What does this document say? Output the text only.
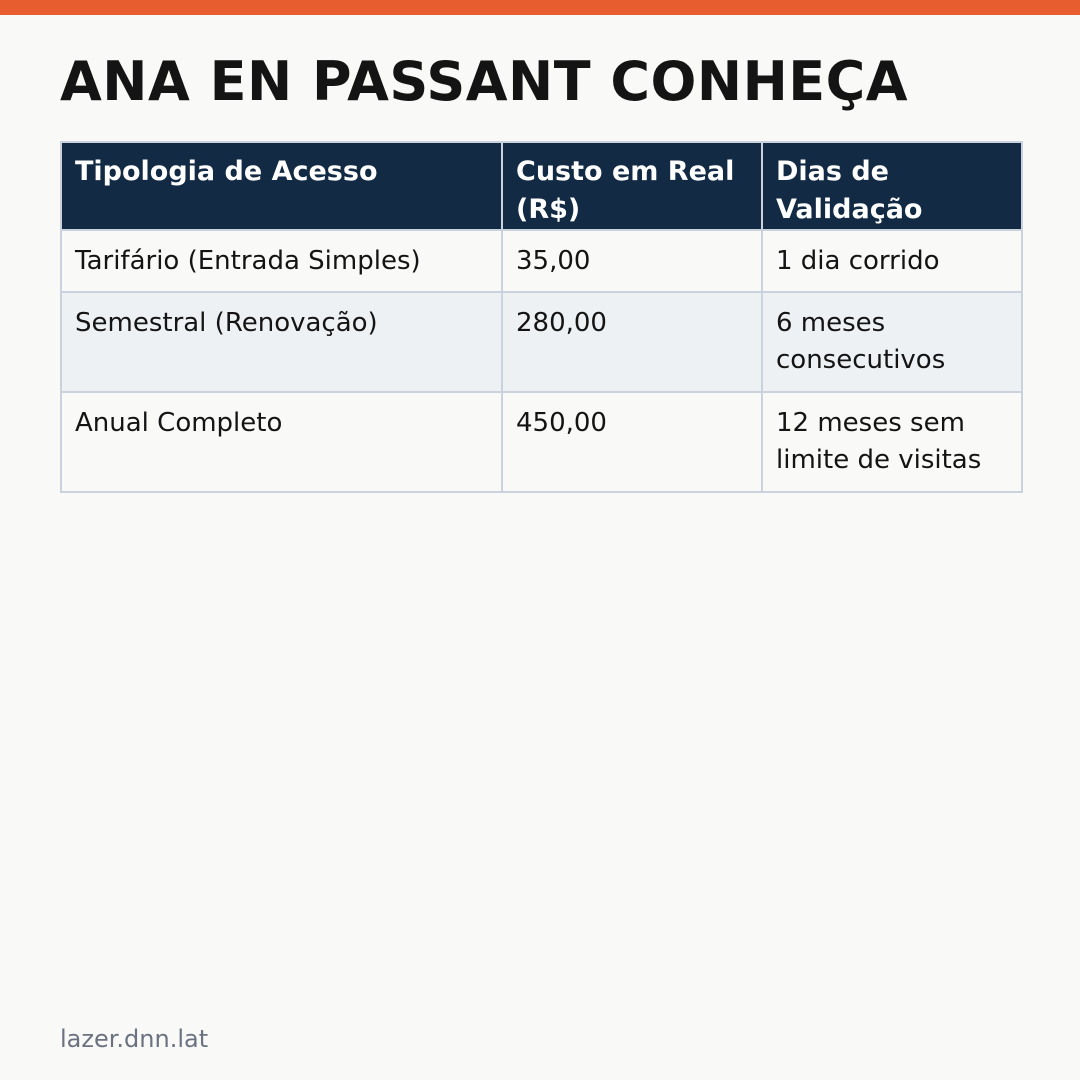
ANA EN PASSANT CONHEÇA
Tipologia de Acesso	Custo em Real (R$)	Dias de Validação
Tarifário (Entrada Simples)	35,00	1 dia corrido
Semestral (Renovação)	280,00	6 meses consecutivos
Anual Completo	450,00	12 meses sem limite de visitas
lazer.dnn.lat
